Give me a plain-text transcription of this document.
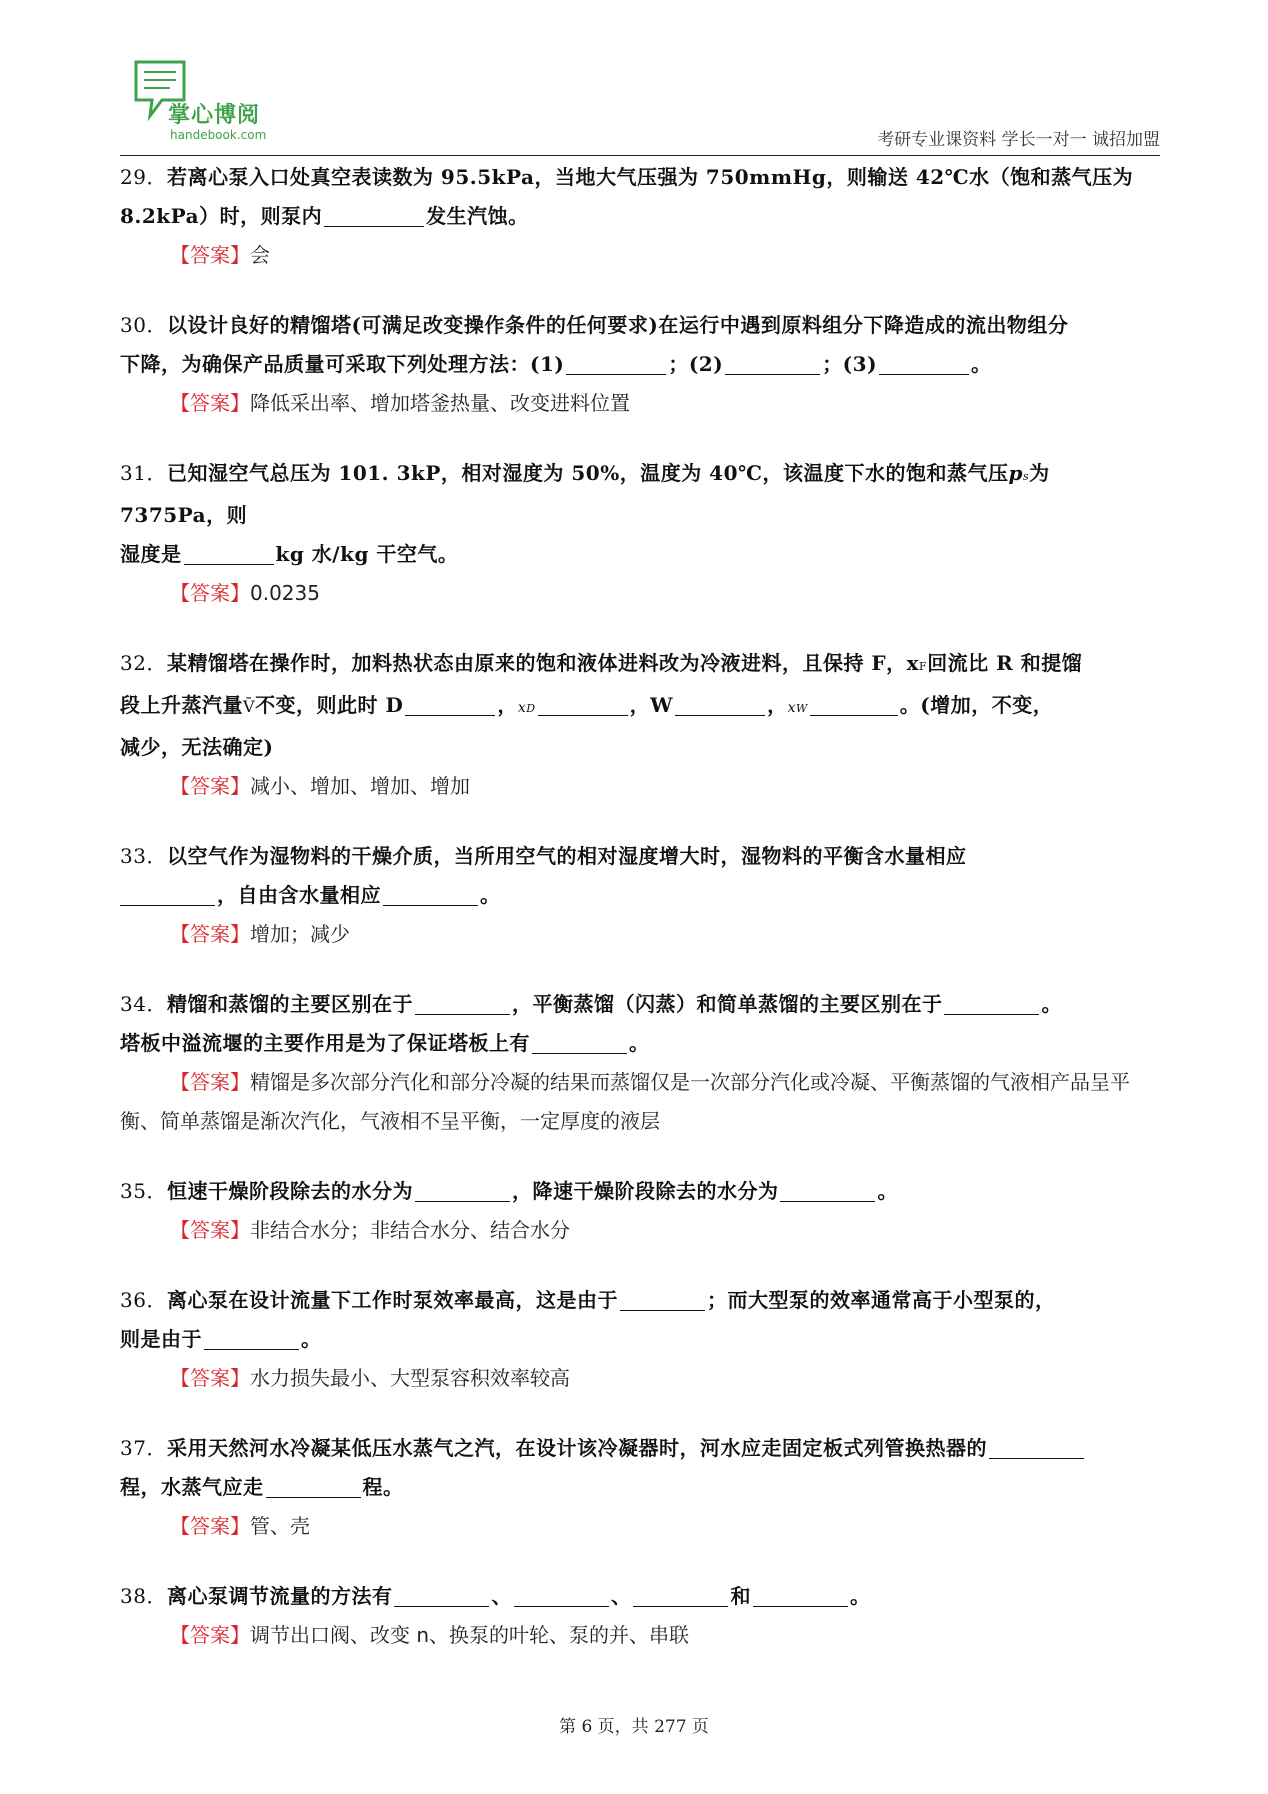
掌心博阅
handebook.com	考研专业课资料 学长一对一 诚招加盟
29．若离心泵入口处真空表读数为 95.5kPa，当地大气压强为 750mmHg，则输送 42℃水（饱和蒸气压为
8.2kPa）时，则泵内	发生汽蚀。
【答案】会
30．以设计良好的精馏塔(可满足改变操作条件的任何要求)在运行中遇到原料组分下降造成的流出物组分
下降，为确保产品质量可采取下列处理方法：(1)	；(2)	；(3)	。
【答案】降低采出率、增加塔釜热量、改变进料位置
31．已知湿空气总压为 101. 3kP，相对湿度为 50%，温度为 40℃，该温度下水的饱和蒸气压ps为 7375Pa，则
湿度是	kg 水/kg 干空气。
【答案】0.0235
32．某精馏塔在操作时，加料热状态由原来的饱和液体进料改为冷液进料，且保持 F，xF回流比 R 和提馏
段上升蒸汽量V̄不变，则此时 D	，xD	，W	，xW	。(增加，不变，
减少，无法确定)
【答案】减小、增加、增加、增加
33．以空气作为湿物料的干燥介质，当所用空气的相对湿度增大时，湿物料的平衡含水量相应
，自由含水量相应	。
【答案】增加；减少
34．精馏和蒸馏的主要区别在于	，平衡蒸馏（闪蒸）和简单蒸馏的主要区别在于	。
塔板中溢流堰的主要作用是为了保证塔板上有	。
【答案】精馏是多次部分汽化和部分冷凝的结果而蒸馏仅是一次部分汽化或冷凝、平衡蒸馏的气液相产品呈平衡、简单蒸馏是渐次汽化，气液相不呈平衡，一定厚度的液层
35．恒速干燥阶段除去的水分为	，降速干燥阶段除去的水分为	。
【答案】非结合水分；非结合水分、结合水分
36．离心泵在设计流量下工作时泵效率最高，这是由于	；而大型泵的效率通常高于小型泵的，
则是由于	。
【答案】水力损失最小、大型泵容积效率较高
37．采用天然河水冷凝某低压水蒸气之汽，在设计该冷凝器时，河水应走固定板式列管换热器的
程，水蒸气应走	程。
【答案】管、壳
38．离心泵调节流量的方法有	、	、	和	。
【答案】调节出口阀、改变 n、换泵的叶轮、泵的并、串联
第 6 页，共 277 页
